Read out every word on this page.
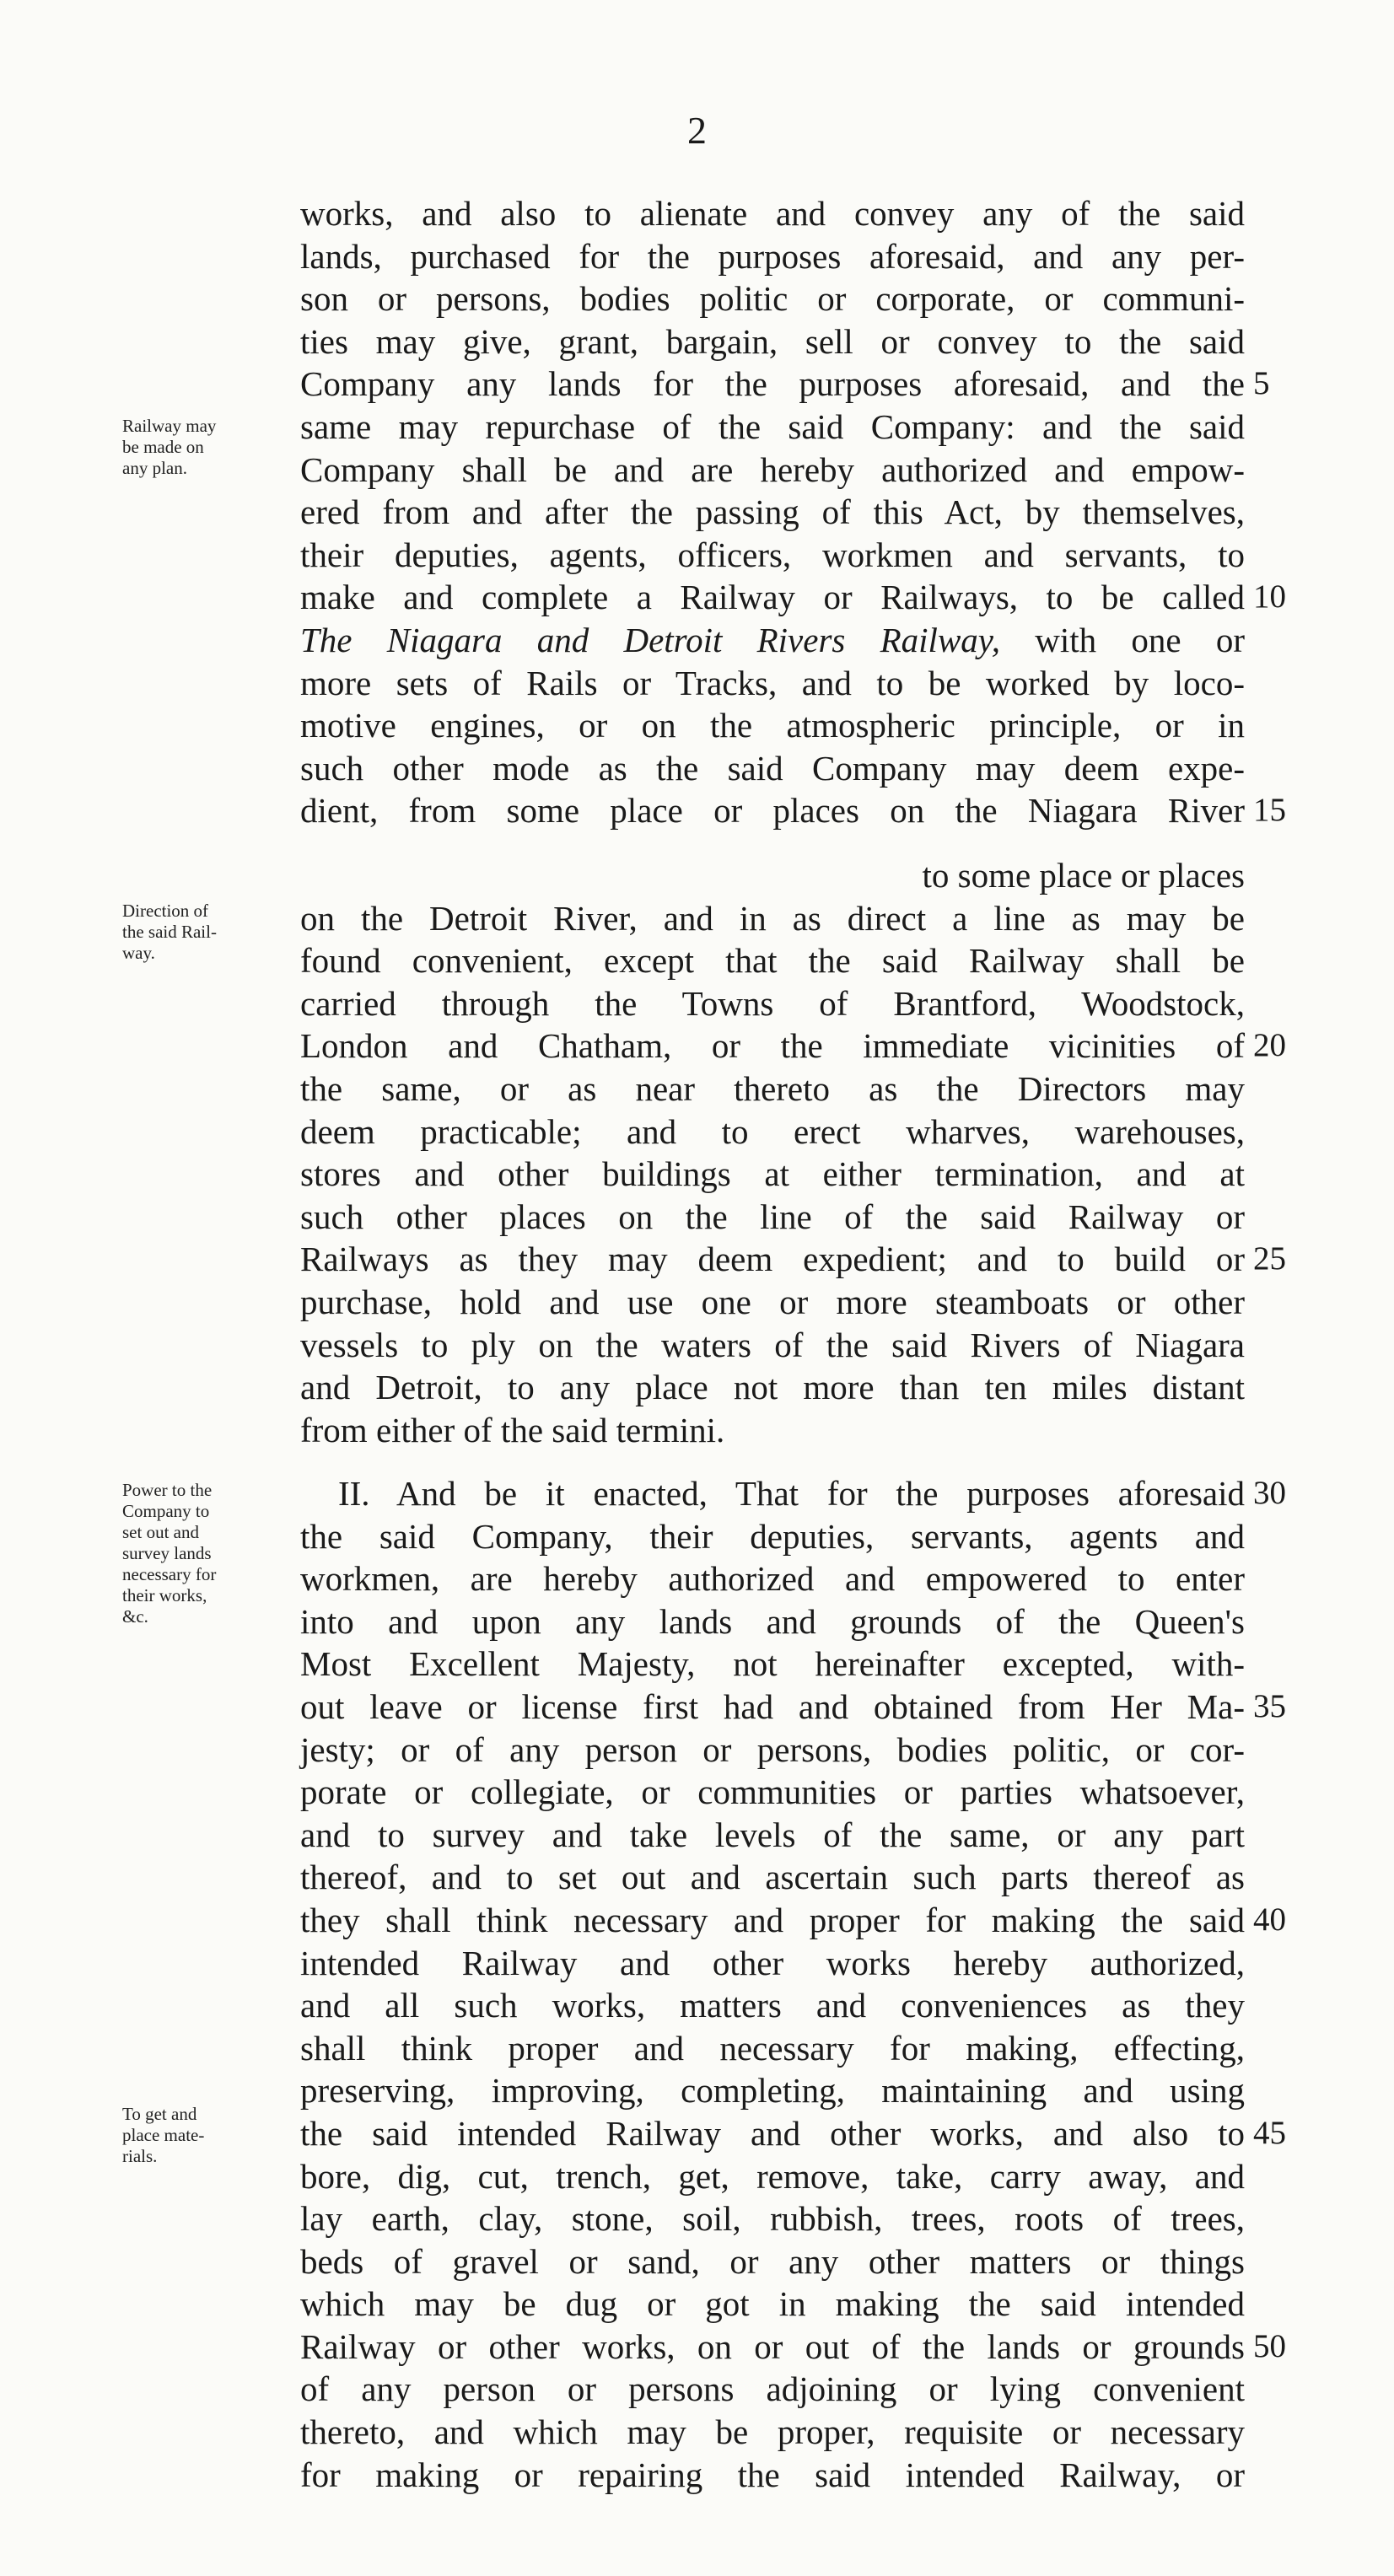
2
works, and also to alienate and convey any of the said
lands, purchased for the purposes aforesaid, and any per-
son or persons, bodies politic or corporate, or communi-
ties may give, grant, bargain, sell or convey to the said
Company any lands for the purposes aforesaid, and the 5
same may repurchase of the said Company: and the said
Company shall be and are hereby authorized and empow-
ered from and after the passing of this Act, by themselves,
their deputies, agents, officers, workmen and servants, to
make and complete a Railway or Railways, to be called 10
The Niagara and Detroit Rivers Railway, with one or
more sets of Rails or Tracks, and to be worked by loco-
motive engines, or on the atmospheric principle, or in
such other mode as the said Company may deem expe-
dient, from some place or places on the Niagara River 15
to some place or places
on the Detroit River, and in as direct a line as may be
found convenient, except that the said Railway shall be
carried through the Towns of Brantford, Woodstock,
London and Chatham, or the immediate vicinities of 20
the same, or as near thereto as the Directors may
deem practicable; and to erect wharves, warehouses,
stores and other buildings at either termination, and at
such other places on the line of the said Railway or
Railways as they may deem expedient; and to build or 25
purchase, hold and use one or more steamboats or other
vessels to ply on the waters of the said Rivers of Niagara
and Detroit, to any place not more than ten miles distant
from either of the said termini.
II. And be it enacted, That for the purposes aforesaid 30
the said Company, their deputies, servants, agents and
workmen, are hereby authorized and empowered to enter
into and upon any lands and grounds of the Queen's
Most Excellent Majesty, not hereinafter excepted, with-
out leave or license first had and obtained from Her Ma- 35
jesty; or of any person or persons, bodies politic, or cor-
porate or collegiate, or communities or parties whatsoever,
and to survey and take levels of the same, or any part
thereof, and to set out and ascertain such parts thereof as
they shall think necessary and proper for making the said 40
intended Railway and other works hereby authorized,
and all such works, matters and conveniences as they
shall think proper and necessary for making, effecting,
preserving, improving, completing, maintaining and using
the said intended Railway and other works, and also to 45
bore, dig, cut, trench, get, remove, take, carry away, and
lay earth, clay, stone, soil, rubbish, trees, roots of trees,
beds of gravel or sand, or any other matters or things
which may be dug or got in making the said intended
Railway or other works, on or out of the lands or grounds 50
of any person or persons adjoining or lying convenient
thereto, and which may be proper, requisite or necessary
for making or repairing the said intended Railway, or
Railway may
be made on
any plan.
Direction of
the said Rail-
way.
Power to the
Company to
set out and
survey lands
necessary for
their works,
&c.
To get and
place mate-
rials.
